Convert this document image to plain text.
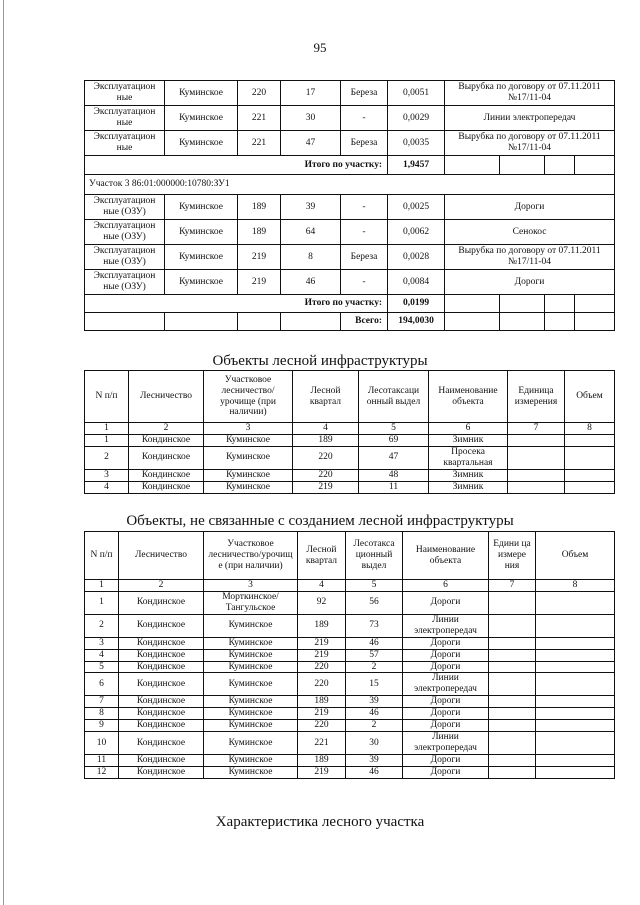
95
Эксплуатацион ные	Куминское	220	17	Береза	0,0051	Вырубка по договору от 07.11.2011 №17/11-04			
Эксплуатацион ные	Куминское	221	30	-	0,0029	Линии электропередач			
Эксплуатацион ные	Куминское	221	47	Береза	0,0035	Вырубка по договору от 07.11.2011 №17/11-04			
Итого по участку:					1,9457				
Участок 3 86:01:000000:10780:ЗУ1									
Эксплуатацион ные (ОЗУ)	Куминское	189	39	-	0,0025	Дороги			
Эксплуатацион ные (ОЗУ)	Куминское	189	64	-	0,0062	Сенокос			
Эксплуатацион ные (ОЗУ)	Куминское	219	8	Береза	0,0028	Вырубка по договору от 07.11.2011 №17/11-04			
Эксплуатацион ные (ОЗУ)	Куминское	219	46	-	0,0084	Дороги			
Итого по участку:					0,0199				
				Всего:	194,0030				
Объекты лесной инфраструктуры
N п/п	Лесничество	Участковое лесничество/ урочище (при наличии)	Лесной квартал	Лесотаксаци онный выдел	Наименование объекта	Единица измерения	Объем
1	2	3	4	5	6	7	8
1	Кондинское	Куминское	189	69	Зимник		
2	Кондинское	Куминское	220	47	Просека квартальная		
3	Кондинское	Куминское	220	48	Зимник		
4	Кондинское	Куминское	219	11	Зимник		
Объекты, не связанные с созданием лесной инфраструктуры
N п/п	Лесничество	Участковое лесничество/урочищ е (при наличии)	Лесной квартал	Лесотакса ционный выдел	Наименование объекта	Едини ца измере ния	Объем
1	2	3	4	5	6	7	8
1	Кондинское	Морткинское/ Тангульское	92	56	Дороги		
2	Кондинское	Куминское	189	73	Линии электропередач		
3	Кондинское	Куминское	219	46	Дороги		
4	Кондинское	Куминское	219	57	Дороги		
5	Кондинское	Куминское	220	2	Дороги		
6	Кондинское	Куминское	220	15	Линии электропередач		
7	Кондинское	Куминское	189	39	Дороги		
8	Кондинское	Куминское	219	46	Дороги		
9	Кондинское	Куминское	220	2	Дороги		
10	Кондинское	Куминское	221	30	Линии электропередач		
11	Кондинское	Куминское	189	39	Дороги		
12	Кондинское	Куминское	219	46	Дороги		
Характеристика лесного участка
